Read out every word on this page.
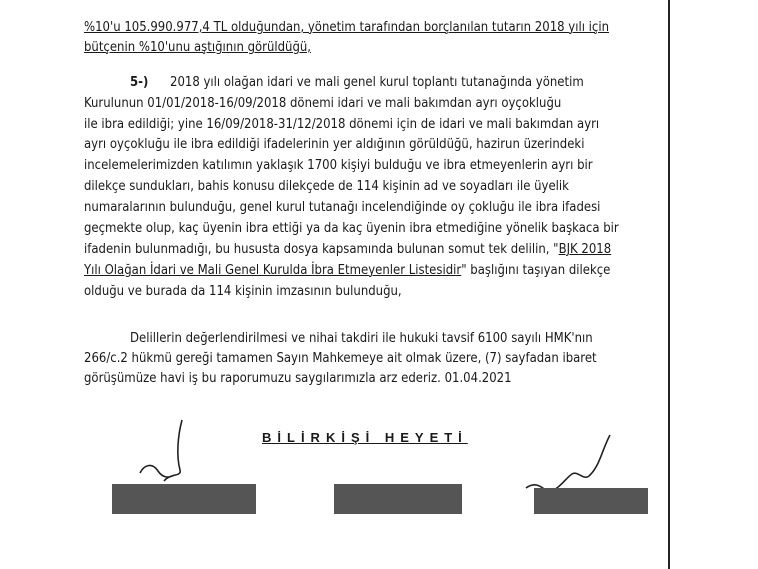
%10'u 105.990.977,4 TL olduğundan, yönetim tarafından borçlanılan tutarın 2018 yılı için
bütçenin %10'unu aştığının görüldüğü,
5-) 2018 yılı olağan idari ve mali genel kurul toplantı tutanağında yönetim
Kurulunun 01/01/2018-16/09/2018 dönemi idari ve mali bakımdan ayrı oyçokluğu
ile ibra edildiği; yine 16/09/2018-31/12/2018 dönemi için de idari ve mali bakımdan ayrı
ayrı oyçokluğu ile ibra edildiği ifadelerinin yer aldığının görüldüğü, hazirun üzerindeki
incelemelerimizden katılımın yaklaşık 1700 kişiyi bulduğu ve ibra etmeyenlerin ayrı bir
dilekçe sundukları, bahis konusu dilekçede de 114 kişinin ad ve soyadları ile üyelik
numaralarının bulunduğu, genel kurul tutanağı incelendiğinde oy çokluğu ile ibra ifadesi
geçmekte olup, kaç üyenin ibra ettiği ya da kaç üyenin ibra etmediğine yönelik başkaca bir
ifadenin bulunmadığı, bu hususta dosya kapsamında bulunan somut tek delilin, "BJK 2018
Yılı Olağan İdari ve Mali Genel Kurulda İbra Etmeyenler Listesidir" başlığını taşıyan dilekçe
olduğu ve burada da 114 kişinin imzasının bulunduğu,
Delillerin değerlendirilmesi ve nihai takdiri ile hukuki tavsif 6100 sayılı HMK'nın
266/c.2 hükmü gereği tamamen Sayın Mahkemeye ait olmak üzere, (7) sayfadan ibaret
görüşümüze havi iş bu raporumuzu saygılarımızla arz ederiz. 01.04.2021
BİLİRKİŞİ HEYETİ
